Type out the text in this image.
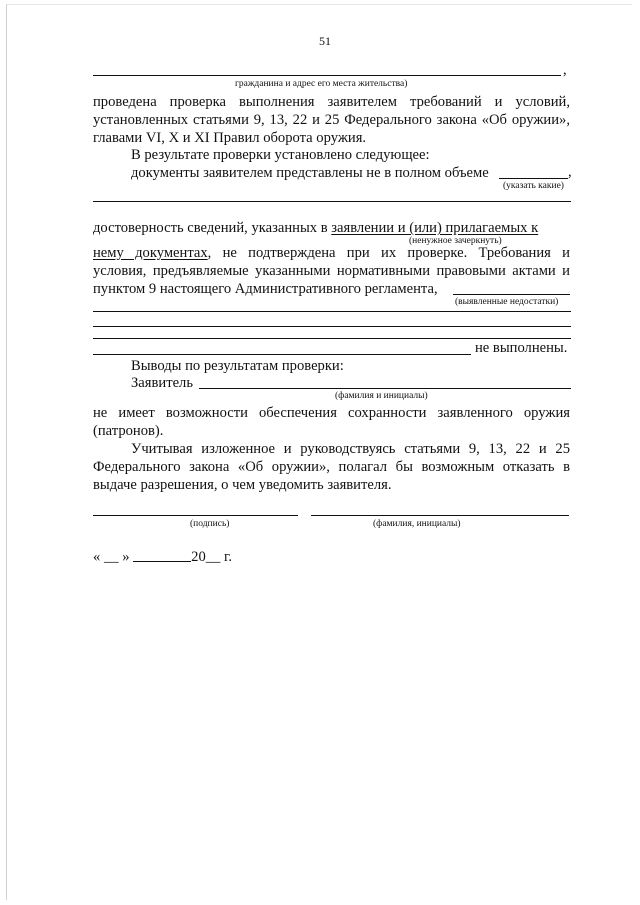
51
,
гражданина и адрес его места жительства)
проведена проверка выполнения заявителем требований и условий,
установленных статьями 9, 13, 22 и 25 Федерального закона «Об оружии»,
главами VI, X и XI Правил оборота оружия.
В результате проверки установлено следующее:
документы заявителем представлены не в полном объеме	,
(указать какие)
достоверность сведений, указанных в заявлении и (или) прилагаемых к
(ненужное зачеркнуть)
нему документах, не подтверждена при их проверке. Требования и
условия, предъявляемые указанными нормативными правовыми актами и
пунктом 9 настоящего Административного регламента,
(выявленные недостатки)
не выполнены.
Выводы по результатам проверки:
Заявитель
(фамилия и инициалы)
не имеет возможности обеспечения сохранности заявленного оружия
(патронов).
Учитывая изложенное и руководствуясь статьями 9, 13, 22 и 25
Федерального закона «Об оружии», полагал бы возможным отказать в
выдаче разрешения, о чем уведомить заявителя.
(подпись)	(фамилия, инициалы)
« __ »	20__ г.
